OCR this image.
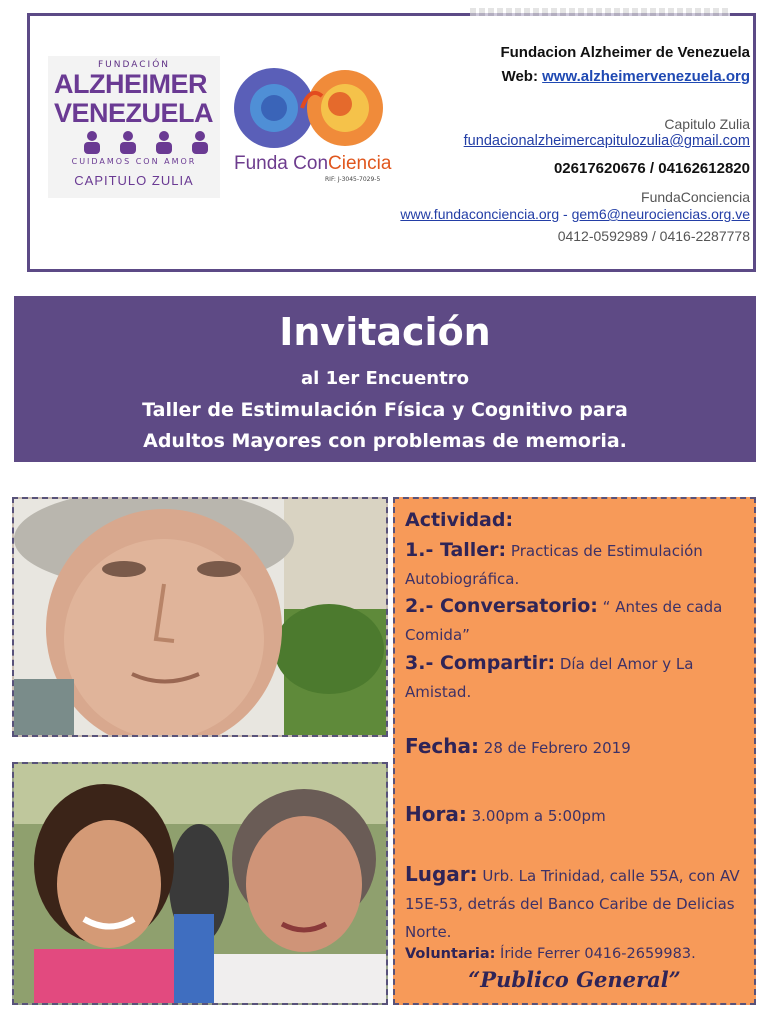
FUNDACIÓN
ALZHEIMER
VENEZUELA
CUIDAMOS CON AMOR
CAPITULO ZULIA
Funda ConCiencia
RIF: J-3045-7029-5
Fundacion Alzheimer de Venezuela
Web: www.alzheimervenezuela.org
Capitulo Zulia
fundacionalzheimercapitulozulia@gmail.com
02617620676 / 04162612820
FundaConciencia
www.fundaconciencia.org - gem6@neurociencias.org.ve
0412-0592989 / 0416-2287778
Invitación
al 1er Encuentro
Taller de Estimulación Física y Cognitivo para
Adultos Mayores con problemas de memoria.
Actividad:
1.- Taller: Practicas de Estimulación Autobiográfica.
2.- Conversatorio: “ Antes de cada Comida”
3.- Compartir: Día del Amor y La Amistad.
Fecha: 28 de Febrero 2019
Hora: 3.00pm a 5:00pm
Lugar: Urb. La Trinidad, calle 55A, con AV 15E-53, detrás del Banco Caribe de Delicias Norte.
Voluntaria: Íride Ferrer 0416-2659983.
“Publico General”
